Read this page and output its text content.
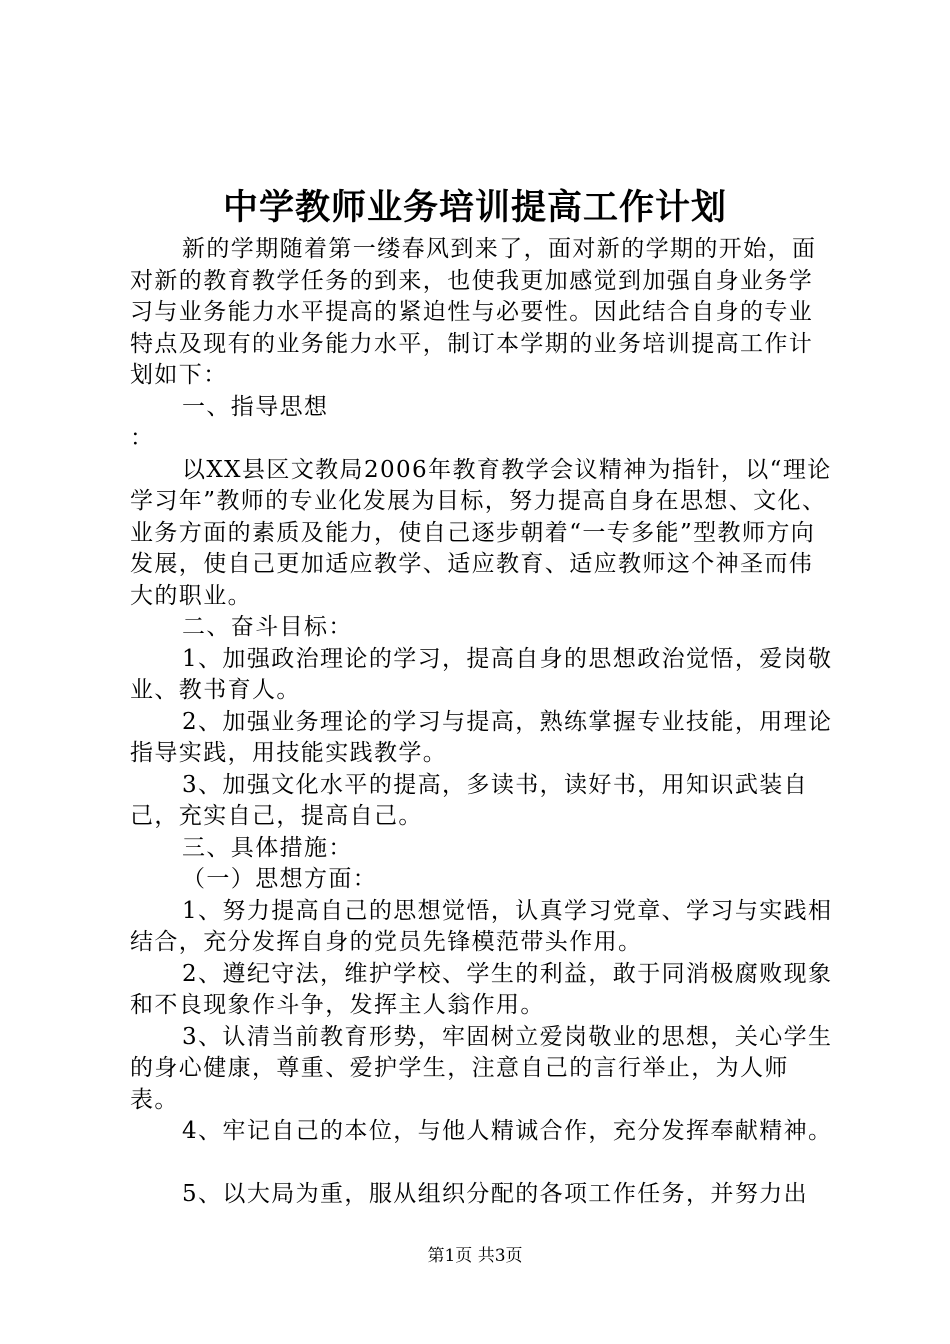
中学教师业务培训提高工作计划

新的学期随着第一缕春风到来了，面对新的学期的开始，面对新的教育教学任务的到来，也使我更加感觉到加强自身业务学习与业务能力水平提高的紧迫性与必要性。因此结合自身的专业特点及现有的业务能力水平，制订本学期的业务培训提高工作计划如下：

一、指导思想

：

以XX县区文教局2006年教育教学会议精神为指针，以“理论学习年”教师的专业化发展为目标，努力提高自身在思想、文化、业务方面的素质及能力，使自己逐步朝着“一专多能”型教师方向发展，使自己更加适应教学、适应教育、适应教师这个神圣而伟大的职业。

二、奋斗目标：

1、加强政治理论的学习，提高自身的思想政治觉悟，爱岗敬业、教书育人。

2、加强业务理论的学习与提高，熟练掌握专业技能，用理论指导实践，用技能实践教学。

3、加强文化水平的提高，多读书，读好书，用知识武装自己，充实自己，提高自己。

三、具体措施：

（一）思想方面：

1、努力提高自己的思想觉悟，认真学习党章、学习与实践相结合，充分发挥自身的党员先锋模范带头作用。

2、遵纪守法，维护学校、学生的利益，敢于同消极腐败现象和不良现象作斗争，发挥主人翁作用。

3、认清当前教育形势，牢固树立爱岗敬业的思想，关心学生的身心健康，尊重、爱护学生，注意自己的言行举止，为人师表。

4、牢记自己的本位，与他人精诚合作，充分发挥奉献精神。

5、以大局为重，服从组织分配的各项工作任务，并努力出

第1页 共3页
